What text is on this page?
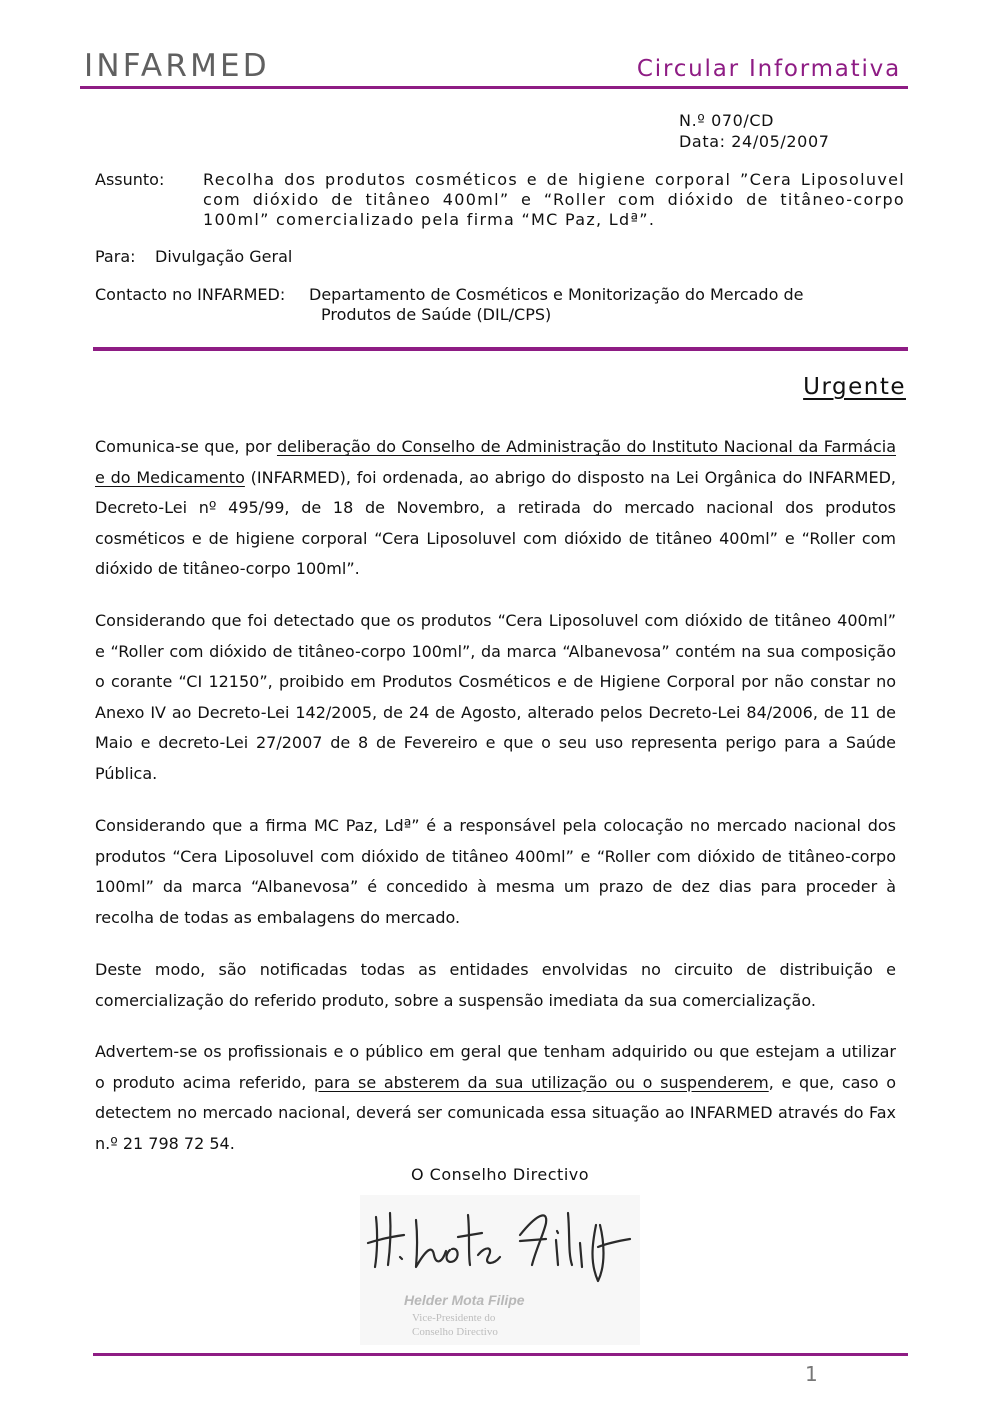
INFARMED	Circular Informativa
N.º 070/CD
Data: 24/05/2007
Assunto: Recolha dos produtos cosméticos e de higiene corporal ”Cera Liposoluvel com dióxido de titâneo 400ml” e “Roller com dióxido de titâneo-corpo 100ml” comercializado pela firma “MC Paz, Ldª”.
Para: Divulgação Geral
Contacto no INFARMED: Departamento de Cosméticos e Monitorização do Mercado de
Produtos de Saúde (DIL/CPS)
Urgente
Comunica-se que, por deliberação do Conselho de Administração do Instituto Nacional da Farmácia e do Medicamento (INFARMED), foi ordenada, ao abrigo do disposto na Lei Orgânica do INFARMED, Decreto-Lei nº 495/99, de 18 de Novembro, a retirada do mercado nacional dos produtos cosméticos e de higiene corporal “Cera Liposoluvel com dióxido de titâneo 400ml” e “Roller com dióxido de titâneo-corpo 100ml”.
Considerando que foi detectado que os produtos “Cera Liposoluvel com dióxido de titâneo 400ml” e “Roller com dióxido de titâneo-corpo 100ml”, da marca “Albanevosa” contém na sua composição o corante “CI 12150”, proibido em Produtos Cosméticos e de Higiene Corporal por não constar no Anexo IV ao Decreto-Lei 142/2005, de 24 de Agosto, alterado pelos Decreto-Lei 84/2006, de 11 de Maio e decreto-Lei 27/2007 de 8 de Fevereiro e que o seu uso representa perigo para a Saúde Pública.
Considerando que a firma MC Paz, Ldª” é a responsável pela colocação no mercado nacional dos produtos “Cera Liposoluvel com dióxido de titâneo 400ml” e “Roller com dióxido de titâneo-corpo 100ml” da marca “Albanevosa” é concedido à mesma um prazo de dez dias para proceder à recolha de todas as embalagens do mercado.
Deste modo, são notificadas todas as entidades envolvidas no circuito de distribuição e comercialização do referido produto, sobre a suspensão imediata da sua comercialização.
Advertem-se os profissionais e o público em geral que tenham adquirido ou que estejam a utilizar o produto acima referido, para se absterem da sua utilização ou o suspenderem, e que, caso o detectem no mercado nacional, deverá ser comunicada essa situação ao INFARMED através do Fax n.º 21 798 72 54.
O Conselho Directivo
Helder Mota Filipe
Vice-Presidente do
Conselho Directivo
1
